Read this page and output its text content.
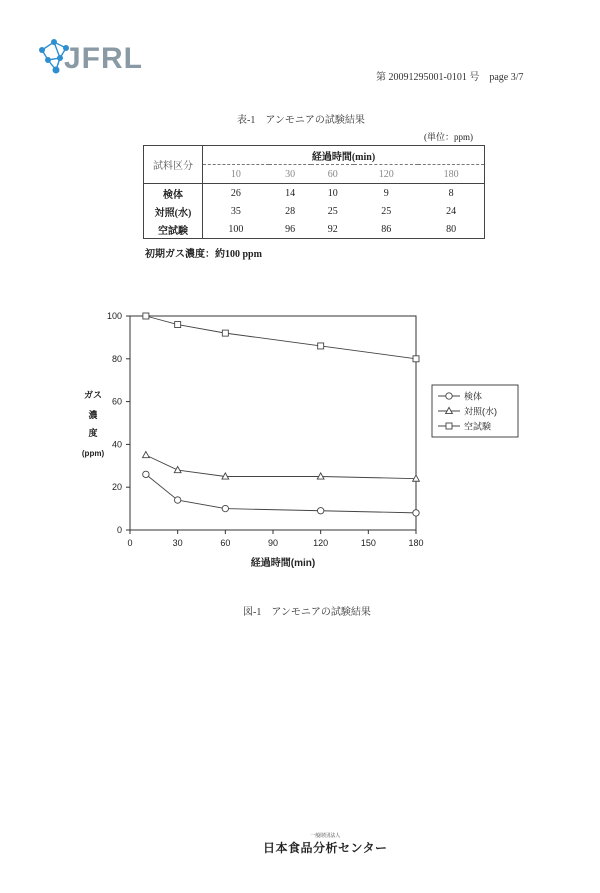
JFRL
第 20091295001-0101 号　page 3/7
表-1　アンモニアの試験結果
(単位：ppm)
試料区分	経過時間(min)				
	10	30	60	120	180
検体	26	14	10	9	8
対照(水)	35	28	25	25	24
空試験	100	96	92	86	80
初期ガス濃度：約100 ppm
0
20
40
60
80
100
0	30	60	90	120	150	180
経過時間(min)
ガス
濃
度
(ppm)
検体
対照(水)
空試験
図-1　アンモニアの試験結果
一般財団法人
日本食品分析センター
